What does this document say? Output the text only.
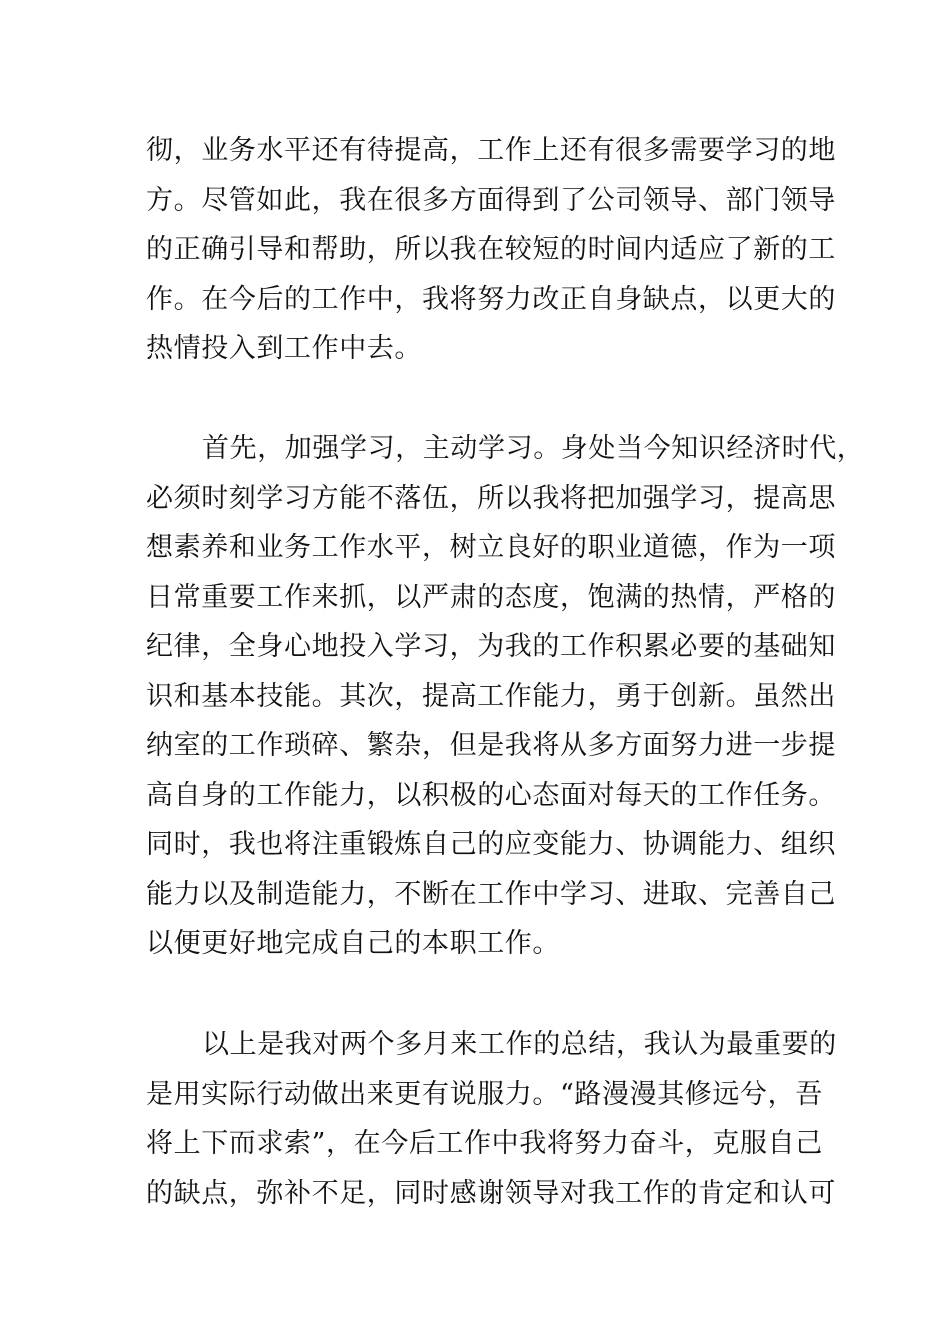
彻，业务水平还有待提高，工作上还有很多需要学习的地
方。尽管如此，我在很多方面得到了公司领导、部门领导
的正确引导和帮助，所以我在较短的时间内适应了新的工
作。在今后的工作中，我将努力改正自身缺点，以更大的
热情投入到工作中去。

首先，加强学习，主动学习。身处当今知识经济时代，
必须时刻学习方能不落伍，所以我将把加强学习，提高思
想素养和业务工作水平，树立良好的职业道德，作为一项
日常重要工作来抓，以严肃的态度，饱满的热情，严格的
纪律，全身心地投入学习，为我的工作积累必要的基础知
识和基本技能。其次，提高工作能力，勇于创新。虽然出
纳室的工作琐碎、繁杂，但是我将从多方面努力进一步提
高自身的工作能力，以积极的心态面对每天的工作任务。
同时，我也将注重锻炼自己的应变能力、协调能力、组织
能力以及制造能力，不断在工作中学习、进取、完善自己
以便更好地完成自己的本职工作。

以上是我对两个多月来工作的总结，我认为最重要的
是用实际行动做出来更有说服力。“路漫漫其修远兮，吾
将上下而求索”，在今后工作中我将努力奋斗，克服自己
的缺点，弥补不足，同时感谢领导对我工作的肯定和认可
